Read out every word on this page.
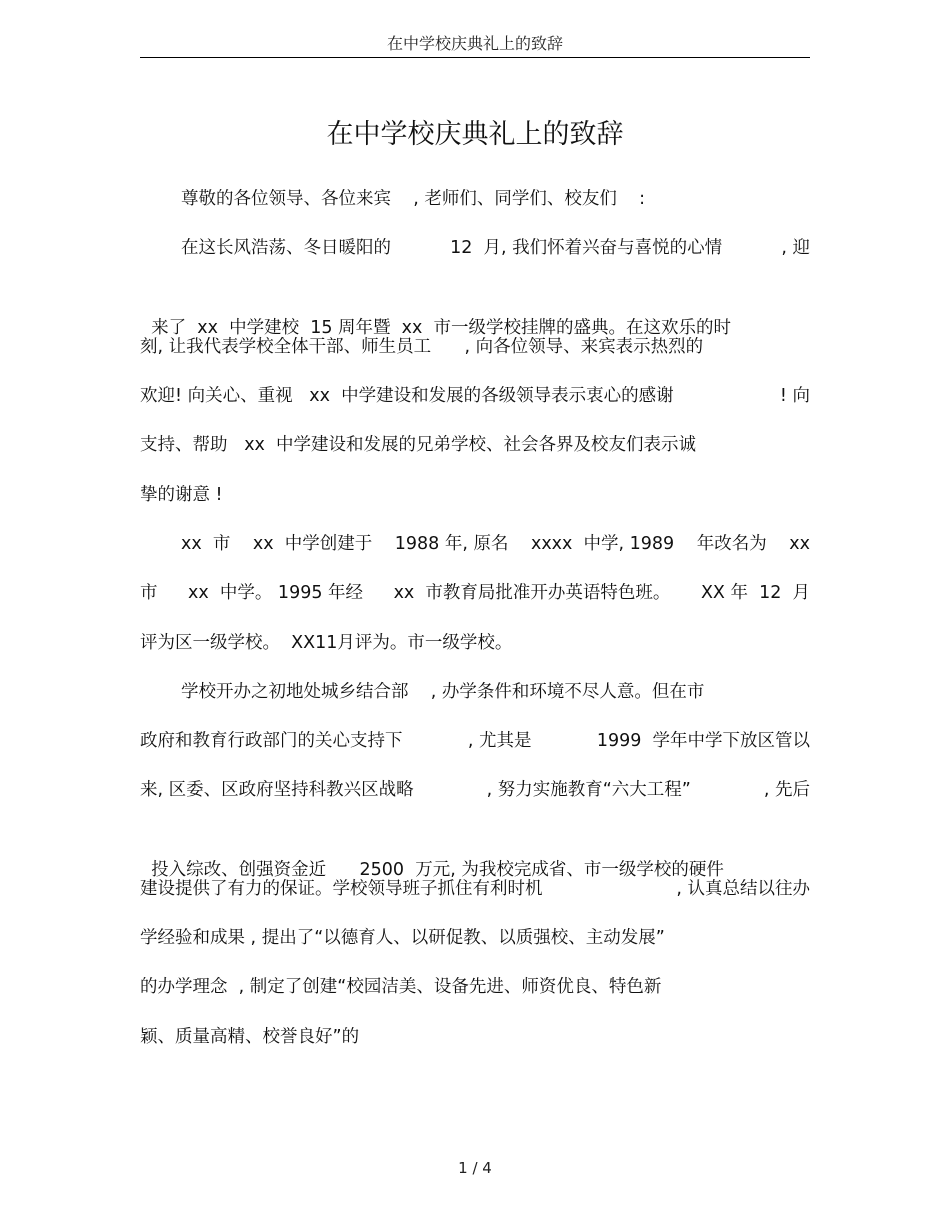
在中学校庆典礼上的致辞
在中学校庆典礼上的致辞
尊敬的各位领导、各位来宾    , 老师们、同学们、校友们    :
在这长风浩荡、冬日暖阳的	12  月, 我们怀着兴奋与喜悦的心情	, 迎

来了  xx  中学建校  15 周年暨  xx  市一级学校挂牌的盛典。在这欢乐的时

刻, 让我代表学校全体干部、师生员工      , 向各位领导、来宾表示热烈的
欢迎! 向关心、重视   xx  中学建设和发展的各级领导表示衷心的感谢	! 向
支持、帮助   xx  中学建设和发展的兄弟学校、社会各界及校友们表示诚
挚的谢意 !
xx  市 xx  中学创建于 1988 年, 原名 xxxx  中学, 1989 年改名为 xx
市 xx  中学。 1995 年经 xx  市教育局批准开办英语特色班。 XX 年  12  月
评为区一级学校。  XX11月评为。市一级学校。
学校开办之初地处城乡结合部    , 办学条件和环境不尽人意。但在市
政府和教育行政部门的关心支持下	, 尤其是	1999  学年中学下放区管以
来, 区委、区政府坚持科教兴区战略	, 努力实施教育“六大工程”	, 先后

投入综改、创强资金近 2500  万元, 为我校完成省、市一级学校的硬件

建设提供了有力的保证。学校领导班子抓住有利时机	, 认真总结以往办
学经验和成果 , 提出了“以德育人、以研促教、以质强校、主动发展”
的办学理念  , 制定了创建“校园洁美、设备先进、师资优良、特色新
颖、质量高精、校誉良好”的
1 / 4
